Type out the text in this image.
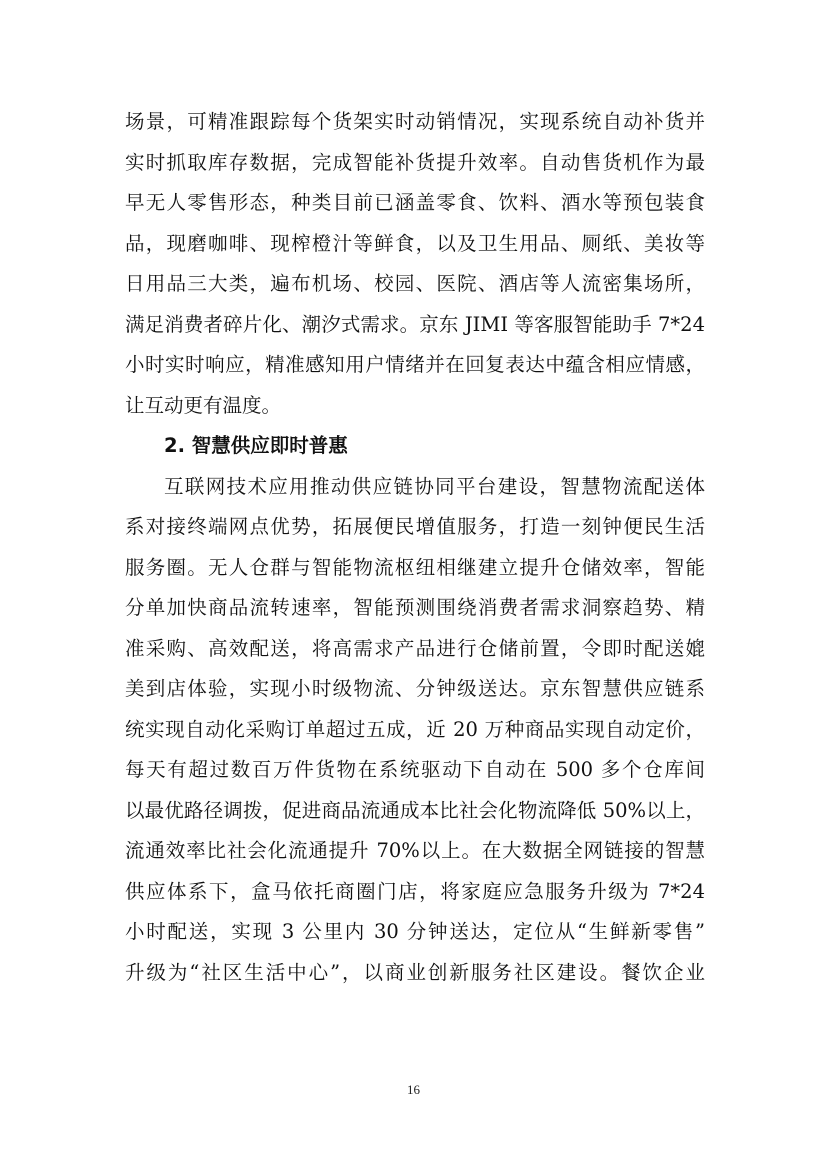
场景，可精准跟踪每个货架实时动销情况，实现系统自动补货并
实时抓取库存数据，完成智能补货提升效率。自动售货机作为最
早无人零售形态，种类目前已涵盖零食、饮料、酒水等预包装食
品，现磨咖啡、现榨橙汁等鲜食，以及卫生用品、厕纸、美妆等
日用品三大类，遍布机场、校园、医院、酒店等人流密集场所，
满足消费者碎片化、潮汐式需求。京东 JIMI 等客服智能助手 7*24
小时实时响应，精准感知用户情绪并在回复表达中蕴含相应情感，
让互动更有温度。
2. 智慧供应即时普惠
互联网技术应用推动供应链协同平台建设，智慧物流配送体
系对接终端网点优势，拓展便民增值服务，打造一刻钟便民生活
服务圈。无人仓群与智能物流枢纽相继建立提升仓储效率，智能
分单加快商品流转速率，智能预测围绕消费者需求洞察趋势、精
准采购、高效配送，将高需求产品进行仓储前置，令即时配送媲
美到店体验，实现小时级物流、分钟级送达。京东智慧供应链系
统实现自动化采购订单超过五成，近 20 万种商品实现自动定价，
每天有超过数百万件货物在系统驱动下自动在 500 多个仓库间
以最优路径调拨，促进商品流通成本比社会化物流降低 50%以上，
流通效率比社会化流通提升 70%以上。在大数据全网链接的智慧
供应体系下，盒马依托商圈门店，将家庭应急服务升级为 7*24
小时配送，实现 3 公里内 30 分钟送达，定位从“生鲜新零售”
升级为“社区生活中心”，以商业创新服务社区建设。餐饮企业
16
